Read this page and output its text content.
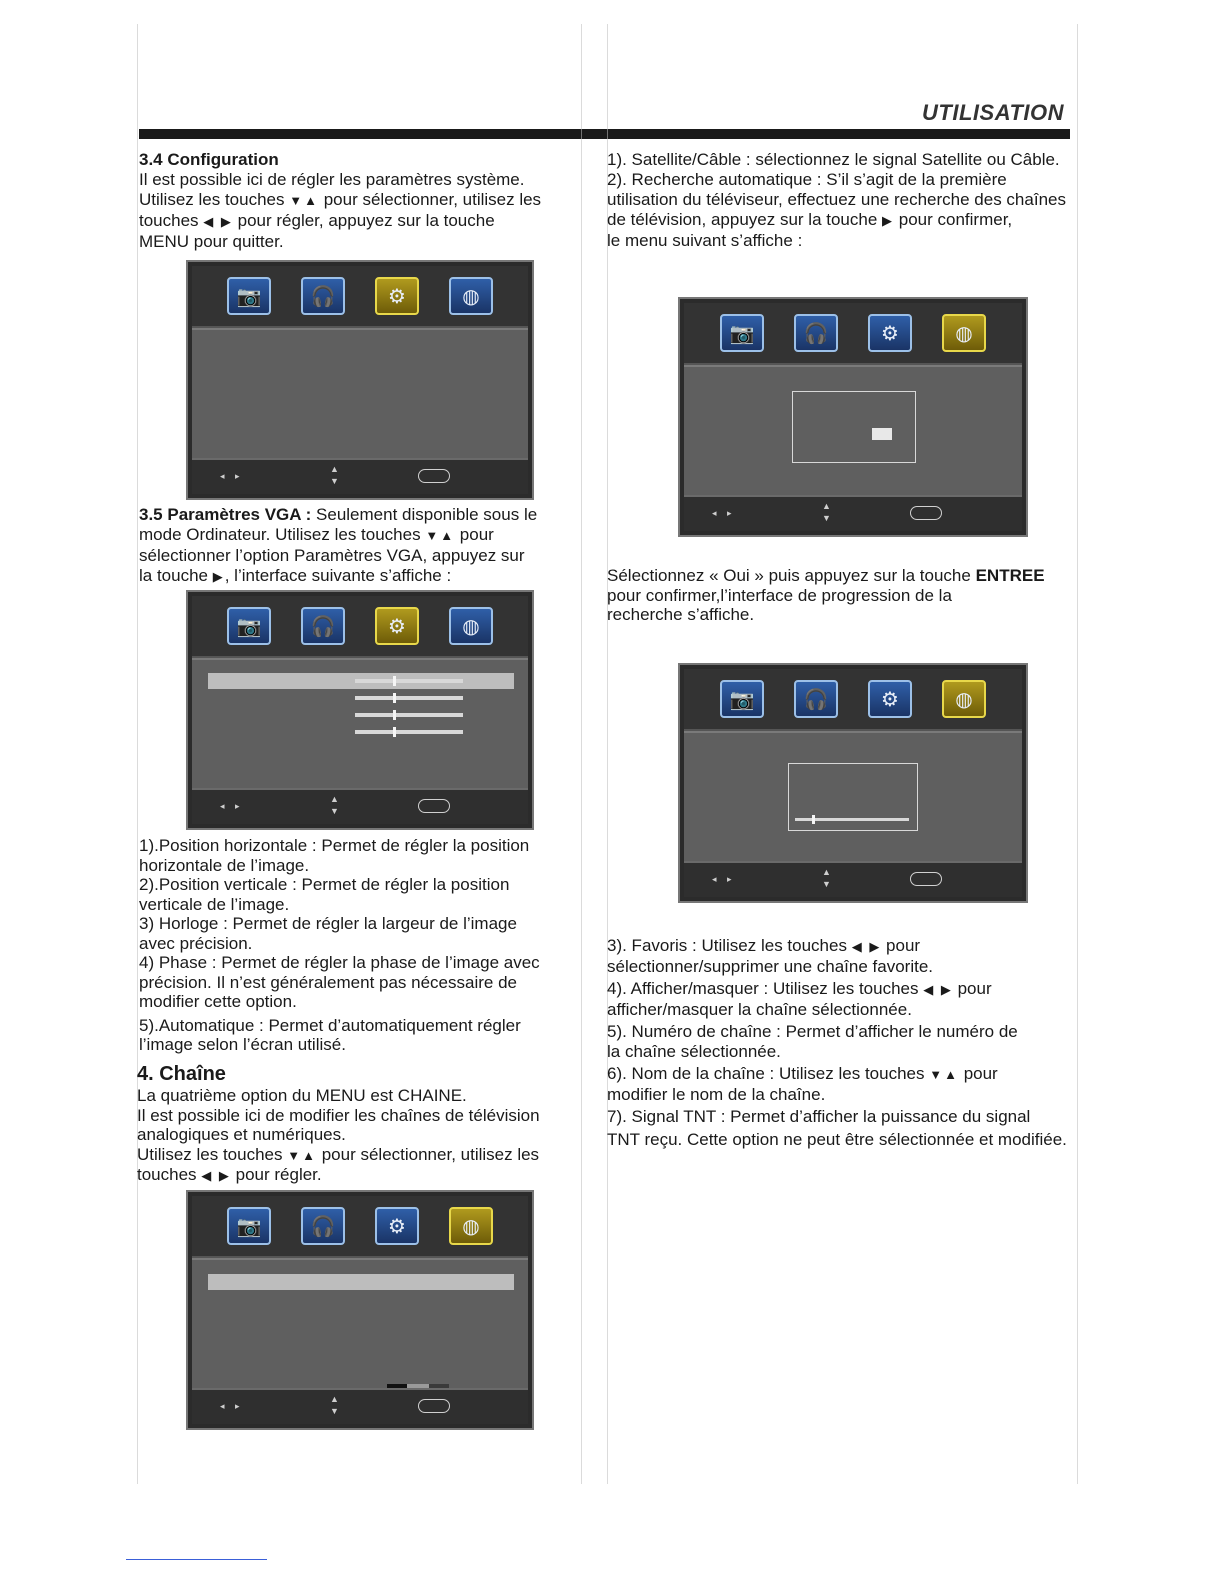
UTILISATION

3.4 Configuration

Il est possible ici de régler les paramètres système.

Utilisez les touches ▼▲ pour sélectionner, utilisez les

touches ◀ ▶ pour régler, appuyez sur la touche

MENU pour quitter.

📷	🎧	⚙	◍
◂ ▸
▲
▼

3.5 Paramètres VGA : Seulement disponible sous le

mode Ordinateur. Utilisez les touches ▼▲ pour

sélectionner l’option Paramètres VGA, appuyez sur

la touche ▶, l’interface suivante s’affiche :

📷	🎧	⚙	◍
◂ ▸
▲
▼

1).Position horizontale : Permet de régler la position

horizontale de l’image.

2).Position verticale : Permet de régler la position

verticale de l’image.

3) Horloge : Permet de régler la largeur de l’image

avec précision.

4) Phase : Permet de régler la phase de l’image avec

précision. Il n’est généralement pas nécessaire de

modifier cette option.

5).Automatique : Permet d’automatiquement régler

l’image selon l’écran utilisé.

4. Chaîne

La quatrième option du MENU est CHAINE.

Il est possible ici de modifier les chaînes de télévision

analogiques et numériques.

Utilisez les touches ▼▲ pour sélectionner, utilisez les

touches ◀ ▶ pour régler.

📷	🎧	⚙	◍
◂ ▸
▲
▼

1). Satellite/Câble : sélectionnez le signal Satellite ou Câble.

2). Recherche automatique : S’il s’agit de la première

utilisation du téléviseur, effectuez une recherche des chaînes

de télévision, appuyez sur la touche ▶ pour confirmer,

le menu suivant s’affiche :

📷	🎧	⚙	◍
◂ ▸
▲
▼

Sélectionnez « Oui » puis appuyez sur la touche ENTREE

pour confirmer,l’interface de progression de la

recherche s’affiche.

📷	🎧	⚙	◍
◂ ▸
▲
▼

3). Favoris : Utilisez les touches ◀ ▶ pour

sélectionner/supprimer une chaîne favorite.

4). Afficher/masquer : Utilisez les touches ◀ ▶ pour

afficher/masquer la chaîne sélectionnée.

5). Numéro de chaîne : Permet d’afficher le numéro de

la chaîne sélectionnée.

6). Nom de la chaîne : Utilisez les touches ▼▲ pour

modifier le nom de la chaîne.

7). Signal TNT : Permet d’afficher la puissance du signal

TNT reçu. Cette option ne peut être sélectionnée et modifiée.
